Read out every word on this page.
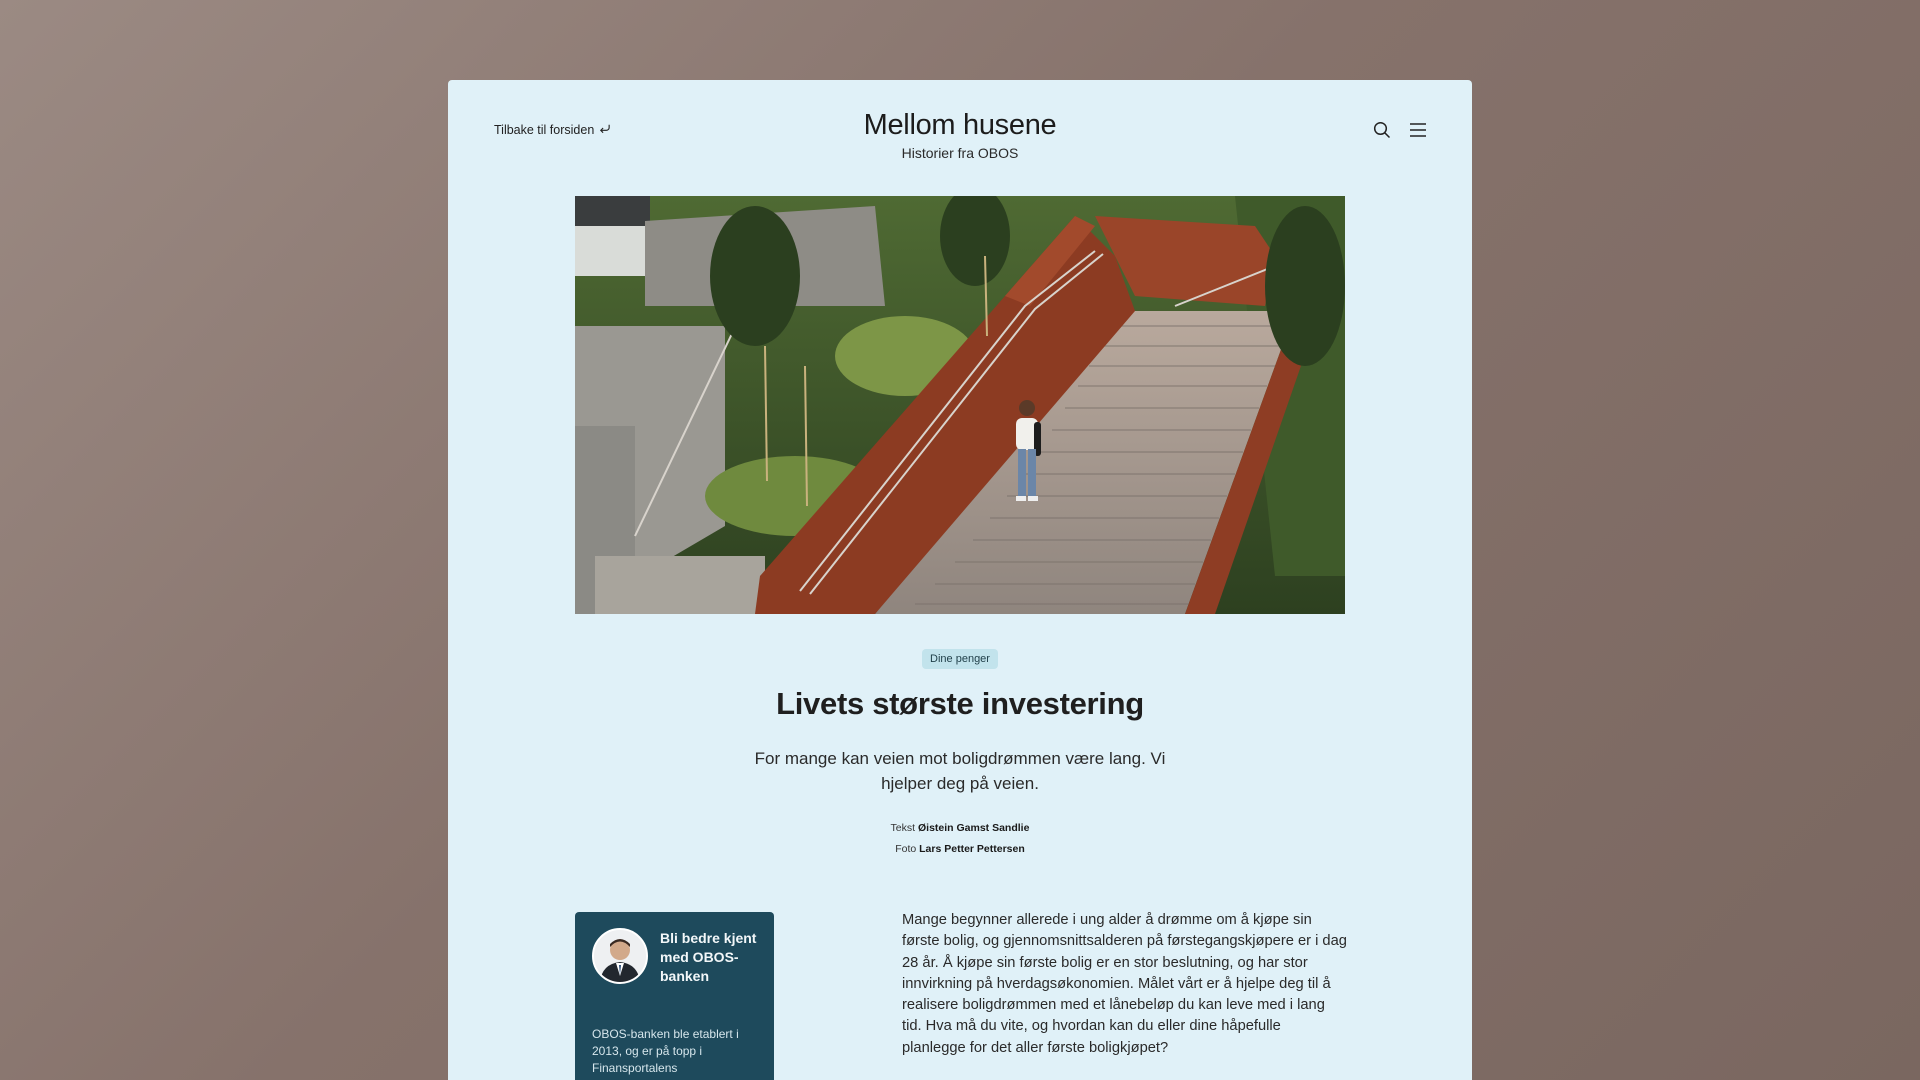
Tilbake til forsiden	Mellom husene
Historier fra OBOS
Dine penger
Livets største investering

For mange kan veien mot boligdrømmen være lang. Vi hjelper deg på veien.

Tekst Øistein Gamst Sandlie
Foto Lars Petter Pettersen
Bli bedre kjent med OBOS-banken
OBOS-banken ble etablert i 2013, og er på topp i Finansportalens

Mange begynner allerede i ung alder å drømme om å kjøpe sin første bolig, og gjennomsnittsalderen på førstegangskjøpere er i dag 28 år. Å kjøpe sin første bolig er en stor beslutning, og har stor innvirkning på hverdagsøkonomien. Målet vårt er å hjelpe deg til å realisere boligdrømmen med et lånebeløp du kan leve med i lang tid. Hva må du vite, og hvordan kan du eller dine håpefulle planlegge for det aller første boligkjøpet?
